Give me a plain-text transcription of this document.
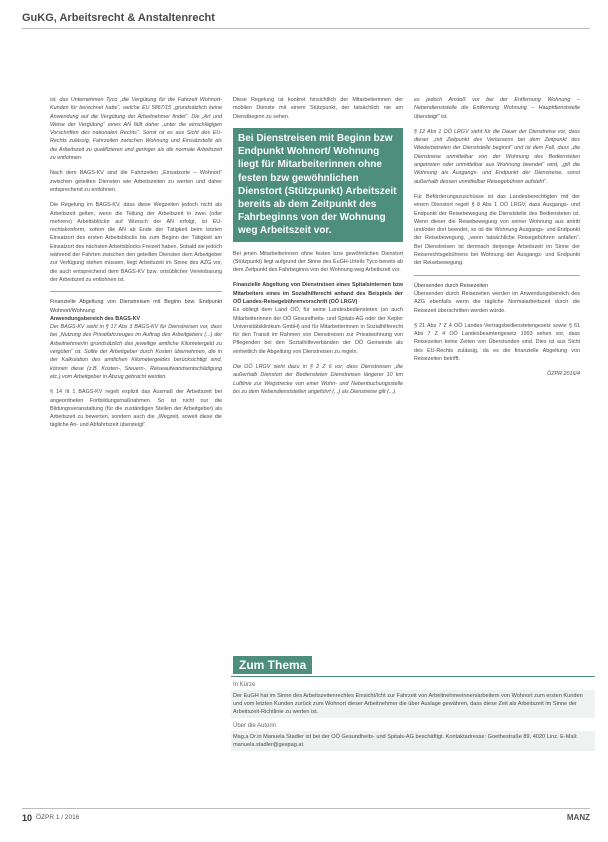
GuKG, Arbeitsrecht & Anstaltenrecht

ist, das Unternehmen Tyco „die Vergütung für die Fahrzeit Wohnort-Kunden für berechnet hatte“, welche EU 5867/15 „grundsätzlich keine Anwendung auf die Vergütung der Arbeitnehmer findet“. Die „Art und Weise der Vergütung“ eines AN fällt daher „unter die einschlägigen Vorschriften des nationalen Rechts“. Somit ist es aus Sicht des EU-Rechts zulässig, Fahrzeiten zwischen Wohnung und Einsatzstelle als die Arbeitszeit zu qualifizieren und geringer als die normale Arbeitszeit zu entlohnen.

Nach dem BAGS-KV sind die Fahrtzeiten „Einsatzorte – Wohnort“ zwischen geteilten Diensten wie Arbeitszeiten zu werten und daher entsprechend zu entlohnen.

Die Regelung im BAGS-KV, dass diese Wegzeiten jedoch nicht als Arbeitszeit gelten, wenn die Teilung der Arbeitszeit in zwei (oder mehrere) Arbeitsblöcke auf Wunsch der AN erfolgt, ist EU-rechtskonform, sofern die AN ab Ende der Tätigkeit beim letzten Einsatzort des ersten Arbeitsblocks bis zum Beginn der Tätigkeit am Einsatzort des nächsten Arbeitsblocks Freizeit haben. Sobald sie jedoch während der Fahrten zwischen den geteilten Diensten dem Arbeitgeber zur Verfügung stehen müssen, liegt Arbeitszeit im Sinne des AZG vor, die auch entsprechend dem BAGS-KV bzw. ortsüblicher Vereinbarung der Arbeitszeit zu entlohnen ist.

Finanzielle Abgeltung von Dienstreisen mit Beginn bzw. Endpunkt Wohnort/Wohnung
Anwendungsbereich des BAGS-KV

Der BAGS-KV sieht in § 17 Abs 3 BAGS-KV für Dienstreisen vor, dass bei „Nutzung des Privatfahrzeuges im Auftrag des Arbeitgebers (...) der Arbeitnehmer/in grundsätzlich das jeweilige amtliche Kilometergeld zu vergüten“ ist. Sollte der Arbeitgeber durch Kosten übernehmen, die in der Kalkulation des amtlichen Kilometergeldes berücksichtigt sind, können diese (z.B. Kosten-, Steuern-, Reiseaufwandsentschädigung etc.) vom Arbeitgeber in Abzug gebracht werden.

§ 14 Iit 1 BAGS-KV regelt explizit das Ausmaß der Arbeitszeit bei angeordneten Fortbildungsmaßnahmen. So ist nicht nur die Bildungsveranstaltung (für die zuständigen Stellen der Arbeitgeber) als Arbeitszeit zu bewerten, sondern auch die „Wegzeit, soweit diese die tägliche An- und Abfahrtszeit übersteigt“.

Diese Regelung ist konkret hinsichtlich der Mitarbeiterinnen der mobilen Dienste mit einem Stützpunkt, der tatsächlich nie am Dienstbeginn zu sehen.

Bei Dienstreisen mit Beginn bzw Endpunkt Wohnort/ Wohnung liegt für Mitarbeiterinnen ohne festen bzw gewöhnlichen Dienstort (Stützpunkt) Arbeitszeit bereits ab dem Zeitpunkt des Fahrbeginns von der Wohnung weg Arbeitszeit vor.

Bei jenen Mitarbeiterinnen ohne festen bzw gewöhnlichen Dienstort (Stützpunkt) liegt aufgrund der Sinne des EuGH-Urteils Tyco bereits ab dem Zeitpunkt des Fahrbeginns von der Wohnung weg Arbeitszeit vor.

Finanzielle Abgeltung von Dienstreisen eines Spitalsinternen bzw Mitarbeiters eines im Sozialhilferecht anhand des Beispiels der OÖ Landes-Reisegebührenvorschrift (OÖ LRGV)

Es obliegt dem Land OÖ, für seine Landesbediensteten (so auch Mitarbeiterinnen der OÖ Gesundheits- und Spitals-AG oder der Kepler Universitätsklinikum GmbH) und für Mitarbeiterinnen in Sozialhilferecht für den Transit im Rahmen von Dienstreisen zur Privatwohnung von Pflegenden bei den Sozialhilfeverbänden der OÖ Gemeinde als einheitlich die Abgeltung von Dienstreisen zu regeln.

Die OÖ LRGV sieht dazu in § 2 Z 6 vor, dass Dienstreisen „die außerhalb Dienstort der Bediensteten Dienstreisen längerer 10 km Luftlinie zur Wegstrecke von einer Wohn- und Nebenbuchungsstelle bis zu dem Nebendienststellen angeführt (...) als Dienstreise gilt (...).

es jedoch Anstoß vor bei der Entfernung Wohnung – Nebendienststelle die Entfernung Wohnung – Hauptdienststelle übersteigt“ ist.

§ 12 Abs 1 OÖ LRGV sieht für die Dauer der Dienstreise vor, dass dieser „mit Zeitpunkt des Verlassens bei dem Zeitpunkt des Wiederbetreten der Dienststelle beginnt“ und ist dem Fall, dass „die Dienstreise unmittelbar von der Wohnung des Bediensteten angetreten oder unmittelbar aus Wohnung beendet“ wird, „gilt die Wohnung als Ausgangs- und Endpunkt der Dienstreise, sonst außerhalb dessen unmittelbar Reisegebühren aufsteht“.

Für Beförderungszuschüsse ist das Landesberechtigten mit der einem Dienstort regelt § 8 Abs 1 OÖ LRGV, dass Ausgangs- und Endpunkt der Reisebewegung die Dienststelle des Bediensteten ist. Wenn dieser die Reisebewegung von seiner Wohnung aus antritt und/oder dort beendet, so ist die Wohnung Ausgangs- und Endpunkt der Reisebewegung, „wenn tatsächliche Reisegebühren anfallen“. Bei Dienstreisen ist demnach derjenige Arbeitszeit im Sinne der Reiserechtsgebührens bei Wohnung der Ausgangs- und Endpunkt der Reisebewegung.

Übersenden durch Reisezeiten

Übersenden durch Reisezeiten werden im Anwendungsbereich des AZG ebenfalls wenn die tägliche Normalarbeitszeit durch die Reisezeit überschritten werden würde.

§ 21 Abs 7 Z 4 OÖ Landes-Vertragsbedienstetengesetz sowie § 61 Abs 7 Z 4 OÖ Landesbeamtengesetz 1993 sehen vor, dass Reisezeiten keine Zeiten von Überstunden sind. Dies ist aus Sicht des EU-Rechts zulässig, da es die finanzielle Abgeltung von Reisezeiten betrifft.

ÖZPR 2016/4
Zum Thema
In Kürze
Der EuGH hat im Sinne des Arbeitszeitenrechtes Einsicht/Icht zur Fahrzeit von Arbeitnehmerinnen/arbeitern von Wohnort zum ersten Kunden und vom letzten Kunden zurück zum Wohnort dieser Arbeitnehmer die über Auslage gewähren, dass diese Zeit als Arbeitszeit im Sinne der Arbeitszeit-Richtlinie zu werten ist.
Über die Autorin
Mag.a Dr.in Manuela Stadler ist bei der OÖ Gesundheits- und Spitals-AG beschäftigt. Kontaktadresse: Goethestraße 89, 4020 Linz. E-Mail: manuela.stadler@gespag.at.
10 ÖZPR 1 / 2016	MANZ
